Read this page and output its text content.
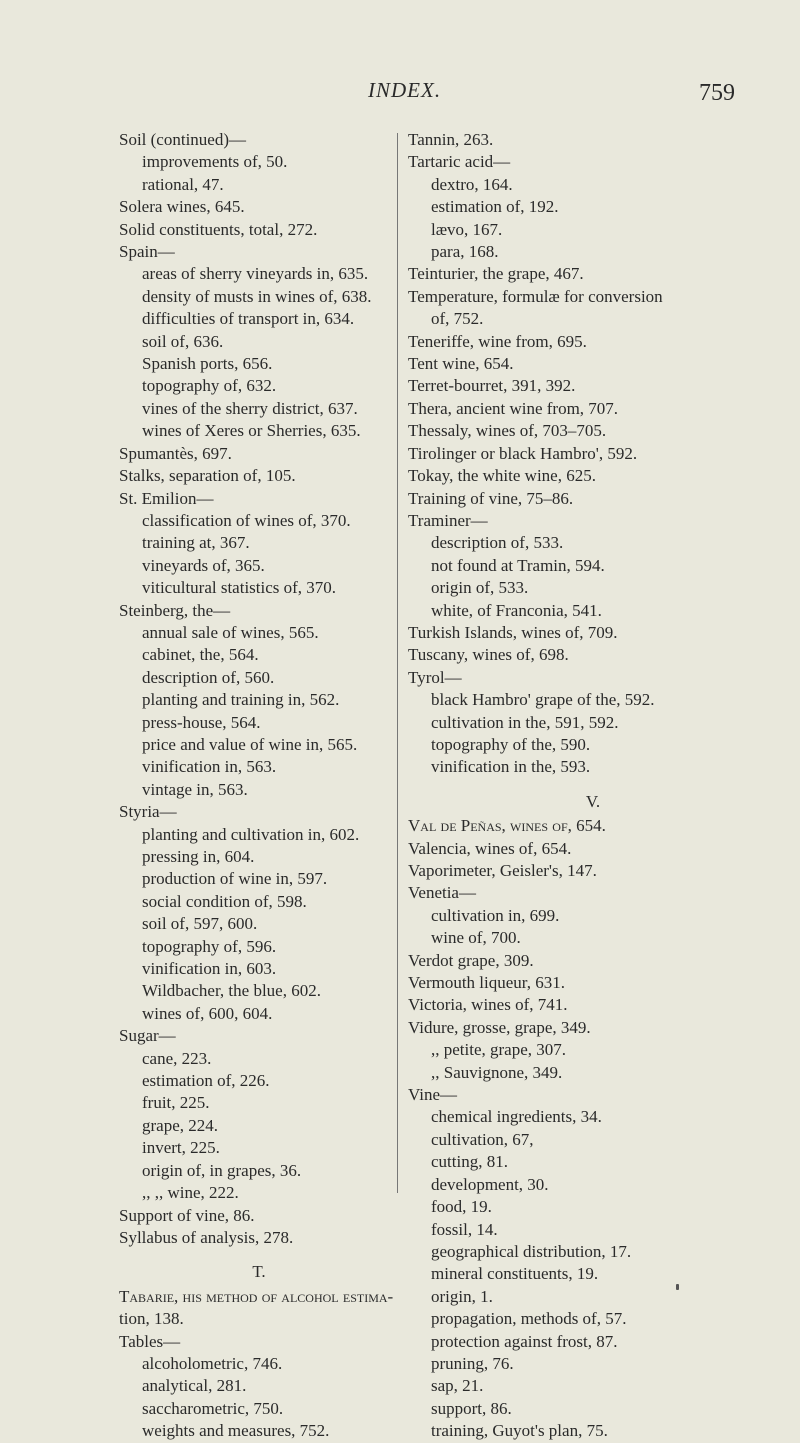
INDEX.	759
Soil (continued)—
improvements of, 50.
rational, 47.
Solera wines, 645.
Solid constituents, total, 272.
Spain—
areas of sherry vineyards in, 635.
density of musts in wines of, 638.
difficulties of transport in, 634.
soil of, 636.
Spanish ports, 656.
topography of, 632.
vines of the sherry district, 637.
wines of Xeres or Sherries, 635.
Spumantès, 697.
Stalks, separation of, 105.
St. Emilion—
classification of wines of, 370.
training at, 367.
vineyards of, 365.
viticultural statistics of, 370.
Steinberg, the—
annual sale of wines, 565.
cabinet, the, 564.
description of, 560.
planting and training in, 562.
press-house, 564.
price and value of wine in, 565.
vinification in, 563.
vintage in, 563.
Styria—
planting and cultivation in, 602.
pressing in, 604.
production of wine in, 597.
social condition of, 598.
soil of, 597, 600.
topography of, 596.
vinification in, 603.
Wildbacher, the blue, 602.
wines of, 600, 604.
Sugar—
cane, 223.
estimation of, 226.
fruit, 225.
grape, 224.
invert, 225.
origin of, in grapes, 36.
,, ,, wine, 222.
Support of vine, 86.
Syllabus of analysis, 278.
T.
Tabarie, his method of alcohol estima-
tion, 138.
Tables—
alcoholometric, 746.
analytical, 281.
saccharometric, 750.
weights and measures, 752.
Tannin, 263.
Tartaric acid—
dextro, 164.
estimation of, 192.
lævo, 167.
para, 168.
Teinturier, the grape, 467.
Temperature, formulæ for conversion
of, 752.
Teneriffe, wine from, 695.
Tent wine, 654.
Terret-bourret, 391, 392.
Thera, ancient wine from, 707.
Thessaly, wines of, 703–705.
Tirolinger or black Hambro', 592.
Tokay, the white wine, 625.
Training of vine, 75–86.
Traminer—
description of, 533.
not found at Tramin, 594.
origin of, 533.
white, of Franconia, 541.
Turkish Islands, wines of, 709.
Tuscany, wines of, 698.
Tyrol—
black Hambro' grape of the, 592.
cultivation in the, 591, 592.
topography of the, 590.
vinification in the, 593.
V.
Val de Peñas, wines of, 654.
Valencia, wines of, 654.
Vaporimeter, Geisler's, 147.
Venetia—
cultivation in, 699.
wine of, 700.
Verdot grape, 309.
Vermouth liqueur, 631.
Victoria, wines of, 741.
Vidure, grosse, grape, 349.
,, petite, grape, 307.
,, Sauvignone, 349.
Vine—
chemical ingredients, 34.
cultivation, 67,
cutting, 81.
development, 30.
food, 19.
fossil, 14.
geographical distribution, 17.
mineral constituents, 19.
origin, 1.
propagation, methods of, 57.
protection against frost, 87.
pruning, 76.
sap, 21.
support, 86.
training, Guyot's plan, 75.
